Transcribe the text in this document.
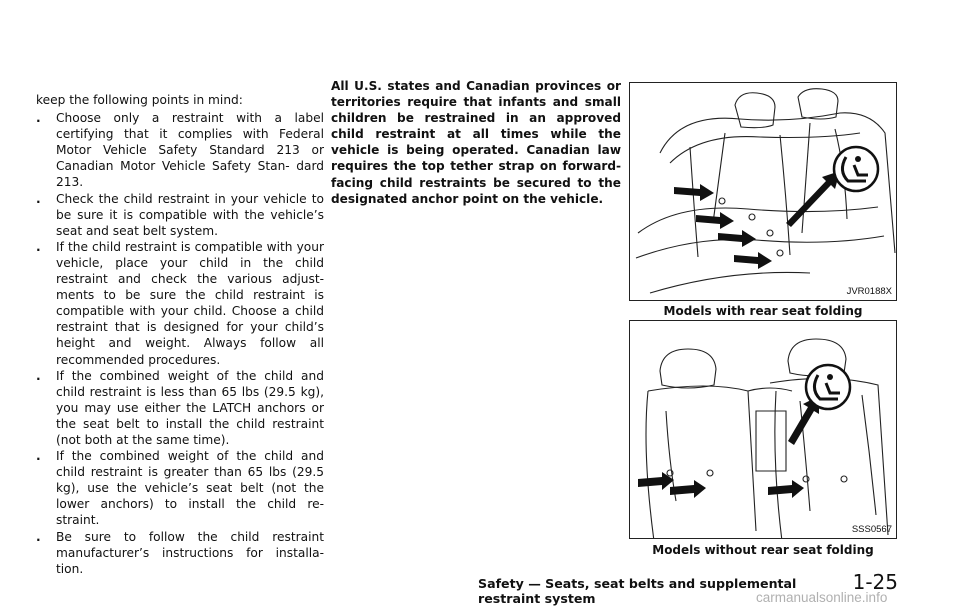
keep the following points in mind:

. Choose only a restraint with a label certifying that it complies with Federal Motor Vehicle Safety Standard 213 or Canadian Motor Vehicle Safety Stan- dard 213.
. Check the child restraint in your vehicle to be sure it is compatible with the vehicle’s seat and seat belt system.
. If the child restraint is compatible with your vehicle, place your child in the child restraint and check the various adjust- ments to be sure the child restraint is compatible with your child. Choose a child restraint that is designed for your child’s height and weight. Always follow all recommended procedures.
. If the combined weight of the child and child restraint is less than 65 lbs (29.5 kg), you may use either the LATCH anchors or the seat belt to install the child restraint (not both at the same time).
. If the combined weight of the child and child restraint is greater than 65 lbs (29.5 kg), use the vehicle’s seat belt (not the lower anchors) to install the child re- straint.
. Be sure to follow the child restraint manufacturer’s instructions for installa- tion.
All U.S. states and Canadian provinces or territories require that infants and small children be restrained in an approved child restraint at all times while the vehicle is being operated. Canadian law requires the top tether strap on forward-facing child restraints be secured to the designated anchor point on the vehicle.
JVR0188X
Models with rear seat folding
SSS0567
Models without rear seat folding
Safety — Seats, seat belts and supplemental restraint system
1-25
carmanualsonline.info
